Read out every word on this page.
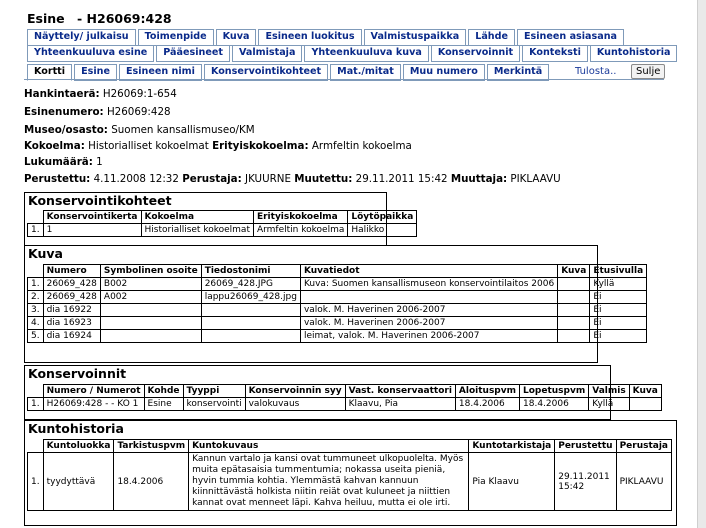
Esine - H26069:428
Näyttely/ julkaisu	Toimenpide	Kuva	Esineen luokitus	Valmistuspaikka	Lähde	Esineen asiasana
Yhteenkuuluva esine	Pääesineet	Valmistaja	Yhteenkuuluva kuva	Konservoinnit	Konteksti	Kuntohistoria
Kortti	Esine	Esineen nimi	Konservointikohteet	Mat./mitat	Muu numero	Merkintä	Tulosta..	Sulje
Hankintaerä: H26069:1-654
Esinenumero: H26069:428
Museo/osasto: Suomen kansallismuseo/KM
Kokoelma: Historialliset kokoelmat Erityiskokoelma: Armfeltin kokoelma
Lukumäärä: 1
Perustettu: 4.11.2008 12:32 Perustaja: JKUURNE Muutettu: 29.11.2011 15:42 Muuttaja: PIKLAAVU
Konservointikohteet
	Konservointikerta	Kokoelma	Erityiskokoelma	Löytöpaikka
1.	1	Historialliset kokoelmat	Armfeltin kokoelma	Halikko
Kuva
	Numero	Symbolinen osoite	Tiedostonimi	Kuvatiedot	Kuva	Etusivulla
1.	26069_428	B002	26069_428.JPG	Kuva: Suomen kansallismuseon konservointilaitos 2006		Kyllä
2.	26069_428	A002	lappu26069_428.jpg			Ei
3.	dia 16922			valok. M. Haverinen 2006-2007		Ei
4.	dia 16923			valok. M. Haverinen 2006-2007		Ei
5.	dia 16924			leimat, valok. M. Haverinen 2006-2007		Ei
Konservoinnit
	Numero / Numerot	Kohde	Tyyppi	Konservoinnin syy	Vast. konservaattori	Aloituspvm	Lopetuspvm	Valmis	Kuva
1.	H26069:428 - - KO 1	Esine	konservointi	valokuvaus	Klaavu, Pia	18.4.2006	18.4.2006	Kyllä	
Kuntohistoria
	Kuntoluokka	Tarkistuspvm	Kuntokuvaus	Kuntotarkistaja	Perustettu	Perustaja
1.	tyydyttävä	18.4.2006	Kannun vartalo ja kansi ovat tummuneet ulkopuolelta. Myös muita epätasaisia tummentumia; nokassa useita pieniä, hyvin tummia kohtia. Ylemmästä kahvan kannuun kiinnittävästä holkista niitin reiät ovat kuluneet ja niittien kannat ovat menneet läpi. Kahva heiluu, mutta ei ole irti.	Pia Klaavu	29.11.2011 15:42	PIKLAAVU
